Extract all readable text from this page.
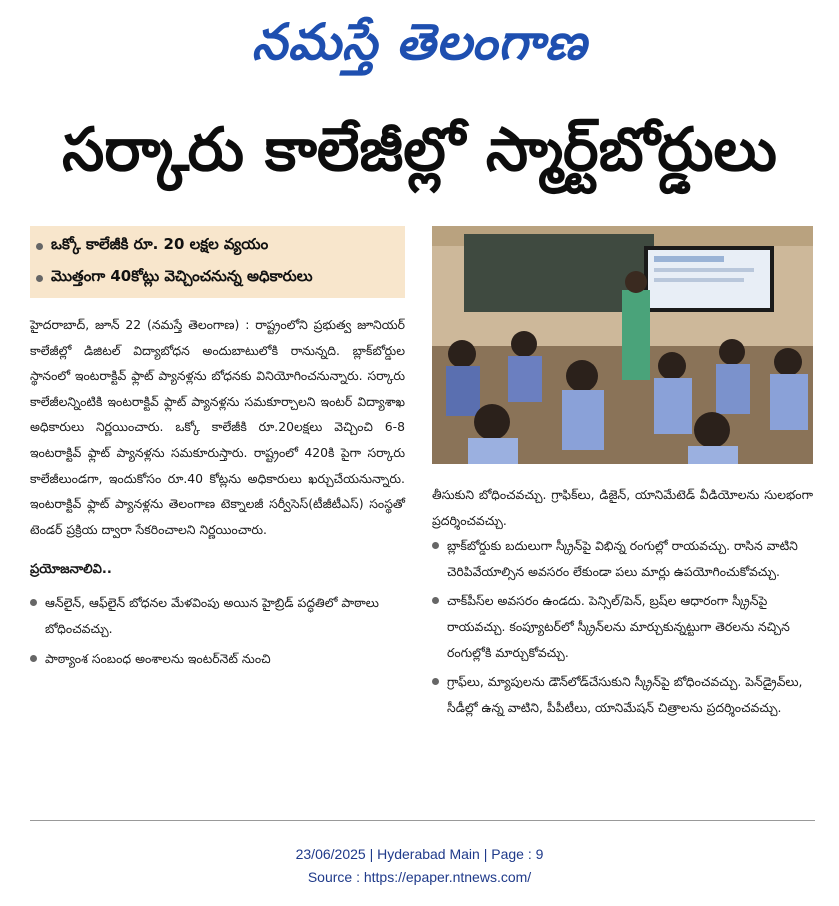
నమస్తే తెలంగాణ
సర్కారు కాలేజీల్లో స్మార్ట్‌బోర్డులు
ఒక్కో కాలేజీకి రూ. 20 లక్షల వ్యయం
మొత్తంగా 40కోట్లు వెచ్చించనున్న అధికారులు

హైదరాబాద్, జూన్ 22 (నమస్తే తెలంగాణ) : రాష్ట్రంలోని ప్రభుత్వ జూనియర్ కాలేజీల్లో డిజిటల్ విద్యాబోధన అందుబాటులోకి రానున్నది. బ్లాక్‌బోర్డుల స్థానంలో ఇంటరాక్టివ్ ఫ్లాట్ ప్యానళ్లను బోధనకు వినియోగించనున్నారు. సర్కారు కాలేజీలన్నింటికి ఇంటరాక్టివ్ ఫ్లాట్ ప్యానళ్లను సమకూర్చాలని ఇంటర్ విద్యాశాఖ అధికారులు నిర్ణయించారు. ఒక్కో కాలేజీకి రూ.20లక్షలు వెచ్చించి 6-8 ఇంటరాక్టివ్ ఫ్లాట్ ప్యానళ్లను సమకూరుస్తారు. రాష్ట్రంలో 420కి పైగా సర్కారు కాలేజీలుండగా, ఇందుకోసం రూ.40 కోట్లను అధికారులు ఖర్చుచేయనున్నారు. ఇంటరాక్టివ్ ఫ్లాట్ ప్యానళ్లను తెలంగాణ టెక్నాలజీ సర్వీసెస్(టీజీటీఎస్) సంస్థతో టెండర్ ప్రక్రియ ద్వారా సేకరించాలని నిర్ణయించారు.

ప్రయోజనాలివి..
ఆన్‌లైన్, ఆఫ్‌లైన్ బోధనల మేళవింపు అయిన హైబ్రిడ్ పద్ధతిలో పాఠాలు బోధించవచ్చు.
పాఠ్యాంశ సంబంధ అంశాలను ఇంటర్‌నెట్ నుంచి

తీసుకుని బోధించవచ్చు. గ్రాఫిక్‌లు, డిజైన్, యానిమేటెడ్ వీడియోలను సులభంగా ప్రదర్శించవచ్చు.

బ్లాక్‌బోర్డుకు బదులుగా స్క్రీన్‌పై విభిన్న రంగుల్లో రాయవచ్చు. రాసిన వాటిని చెరిపివేయాల్సిన అవసరం లేకుండా పలు మార్లు ఉపయోగించుకోవచ్చు.
చాక్‌పీస్‌ల అవసరం ఉండదు. పెన్సిల్/పెన్, బ్రష్‌ల ఆధారంగా స్క్రీన్‌పై రాయవచ్చు. కంప్యూటర్‌లో స్క్రీన్‌లను మార్చుకున్నట్టుగా తెరలను నచ్చిన రంగుల్లోకి మార్చుకోవచ్చు.
గ్రాఫ్‌లు, మ్యాపులను డౌన్‌లోడ్‌చేసుకుని స్క్రీన్‌పై బోధించవచ్చు. పెన్‌డ్రైవ్‌లు, సీడీల్లో ఉన్న వాటిని, పీపీటీలు, యానిమేషన్ చిత్రాలను ప్రదర్శించవచ్చు.
23/06/2025 | Hyderabad Main | Page : 9
Source : https://epaper.ntnews.com/
